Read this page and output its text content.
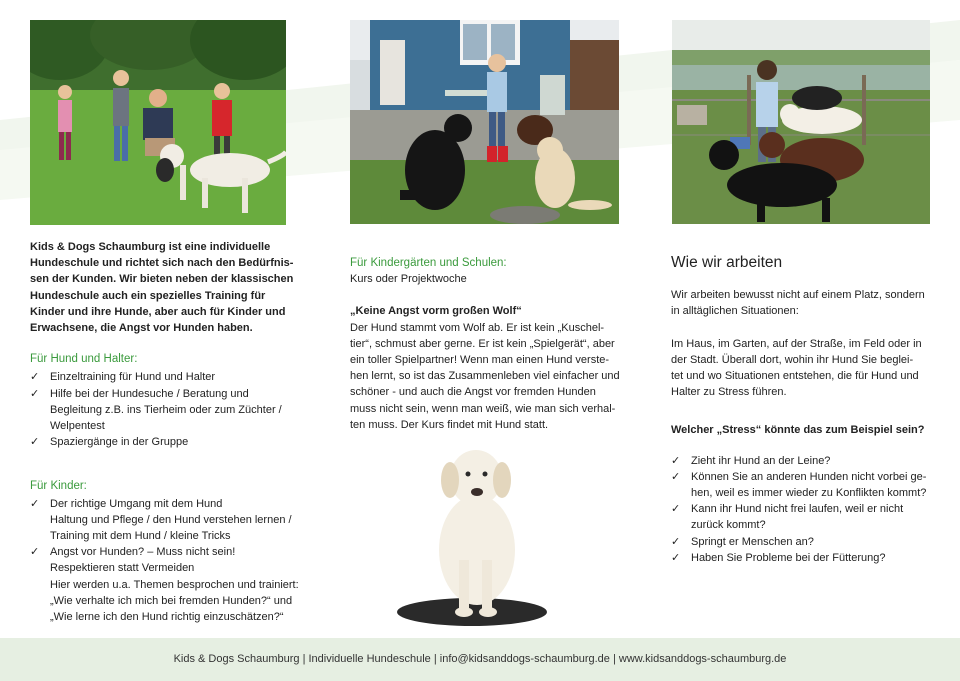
Kids & Dogs Schaumburg ist eine individuelle
Hundeschule und richtet sich nach den Bedürfnis-
sen der Kunden. Wir bieten neben der klassischen
Hundeschule auch ein spezielles Training für
Kinder und ihre Hunde, aber auch für Kinder und
Erwachsene, die Angst vor Hunden haben.

Für Hund und Halter:

✓ Einzeltraining für Hund und Halter
✓ Hilfe bei der Hundesuche / Beratung und
Begleitung z.B. ins Tierheim oder zum Züchter /
Welpentest
✓ Spaziergänge in der Gruppe

Für Kinder:

✓ Der richtige Umgang mit dem Hund
Haltung und Pflege / den Hund verstehen lernen /
Training mit dem Hund / kleine Tricks
✓ Angst vor Hunden? – Muss nicht sein!
Respektieren statt Vermeiden
Hier werden u.a. Themen besprochen und trainiert:
„Wie verhalte ich mich bei fremden Hunden?“ und
„Wie lerne ich den Hund richtig einzuschätzen?“

Für Kindergärten und Schulen:

Kurs oder Projektwoche

„Keine Angst vorm großen Wolf“

Der Hund stammt vom Wolf ab. Er ist kein „Kuschel-
tier“, schmust aber gerne. Er ist kein „Spielgerät“, aber
ein toller Spielpartner! Wenn man einen Hund verste-
hen lernt, so ist das Zusammenleben viel einfacher und
schöner - und auch die Angst vor fremden Hunden
muss nicht sein, wenn man weiß, wie man sich verhal-
ten muss. Der Kurs findet mit Hund statt.

Wie wir arbeiten

Wir arbeiten bewusst nicht auf einem Platz, sondern
in alltäglichen Situationen:
Im Haus, im Garten, auf der Straße, im Feld oder in
der Stadt. Überall dort, wohin ihr Hund Sie beglei-
tet und wo Situationen entstehen, die für Hund und
Halter zu Stress führen.

Welcher „Stress“ könnte das zum Beispiel sein?

✓ Zieht ihr Hund an der Leine?
✓ Können Sie an anderen Hunden nicht vorbei ge-
hen, weil es immer wieder zu Konflikten kommt?
✓ Kann ihr Hund nicht frei laufen, weil er nicht
zurück kommt?
✓ Springt er Menschen an?
✓ Haben Sie Probleme bei der Fütterung?
Kids & Dogs Schaumburg | Individuelle Hundeschule | info@kidsanddogs-schaumburg.de | www.kidsanddogs-schaumburg.de
